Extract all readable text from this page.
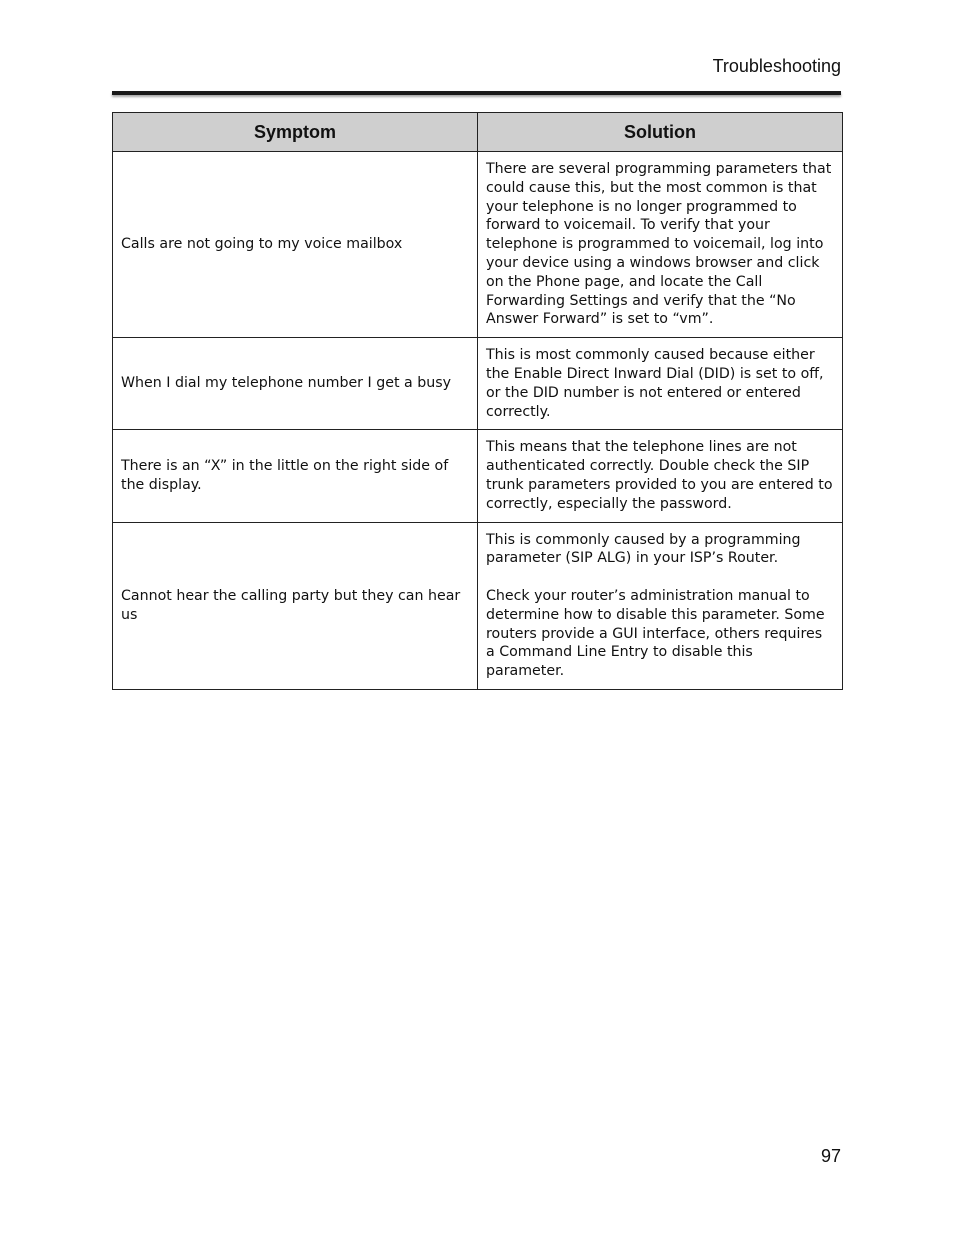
Troubleshooting
Symptom	Solution
Calls are not going to my voice mailbox	There are several programming parameters that could cause this, but the most common is that your telephone is no longer programmed to forward to voicemail. To verify that your telephone is programmed to voicemail, log into your device using a windows browser and click on the Phone page, and locate the Call Forwarding Settings and verify that the “No Answer Forward” is set to “vm”.

When I dial my telephone number I get a busy	This is most commonly caused because either the Enable Direct Inward Dial (DID) is set to off, or the DID number is not entered or entered correctly.

There is an “X” in the little on the right side of the display.	This means that the telephone lines are not authenticated correctly. Double check the SIP trunk parameters provided to you are entered to correctly, especially the password.

Cannot hear the calling party but they can hear us	This is commonly caused by a programming parameter (SIP ALG) in your ISP’s Router.

Check your router’s administration manual to determine how to disable this parameter. Some routers provide a GUI interface, others requires a Command Line Entry to disable this parameter.

97
